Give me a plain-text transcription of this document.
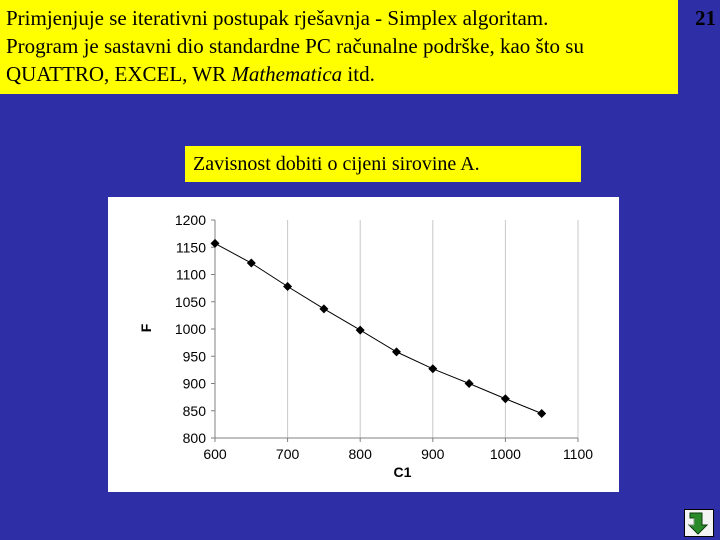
Primjenjuje se iterativni postupak rješavnja - Simplex algoritam.
Program je sastavni dio standardne PC računalne podrške, kao što su
QUATTRO, EXCEL, WR Mathematica itd.
21
Zavisnost dobiti o cijeni sirovine A.
800
850
900
950
1000
1050
1100
1150
1200
600	700	800	900	1000	1100
C1
F
